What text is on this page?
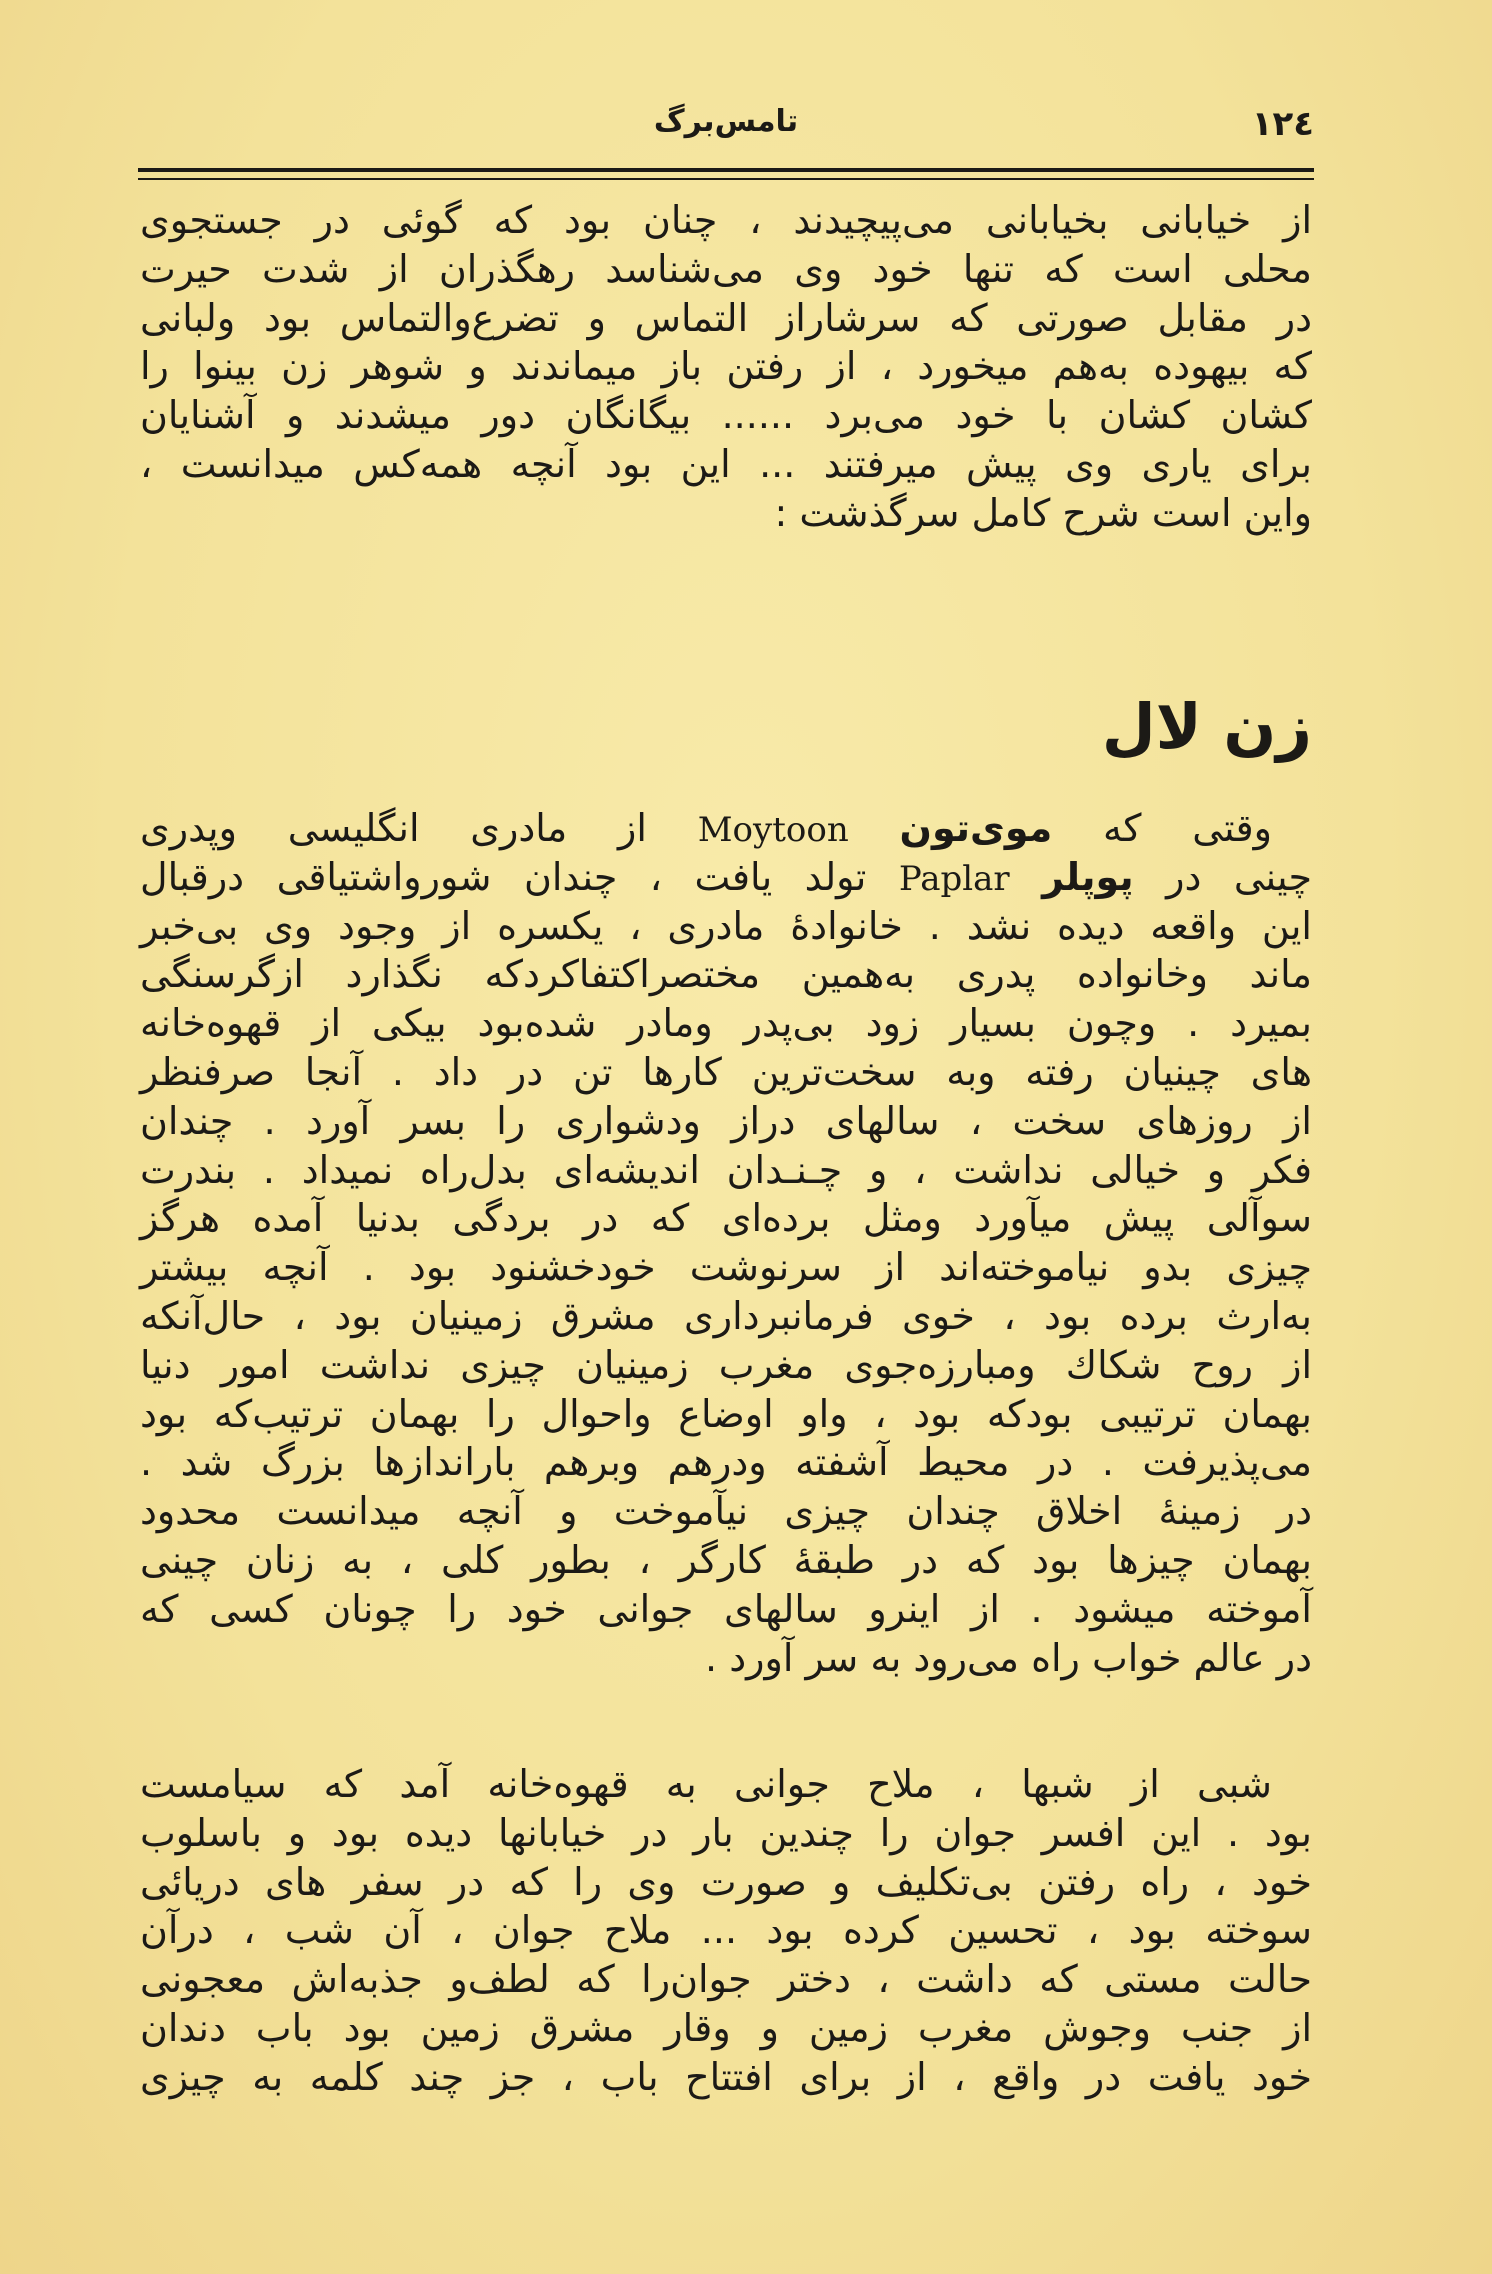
١٢٤
تامس‌برگ
از خیابانی بخیابانی می‌پیچیدند ، چنان بود که گوئی در جستجوی
محلی است که تنها خود وی می‌شناسد رهگذران از شدت حیرت
در مقابل صورتی که سرشاراز التماس و تضرع‌والتماس بود ولبانی
که بیهوده به‌هم میخورد ، از رفتن باز میماندند و شوهر زن بینوا را
کشان کشان با خود می‌برد ...... بیگانگان دور میشدند و آشنایان
برای یاری وی پیش میرفتند ... این بود آنچه همه‌کس میدانست ،
واین است شرح کامل سرگذشت :
زن لال
وقتی که موی‌تون Moytoon از مادری انگلیسی وپدری
چینی در پوپلر Paplar تولد یافت ، چندان شورواشتیاقی درقبال
این واقعه دیده نشد . خانوادهٔ مادری ، یکسره از وجود وی بی‌خبر
ماند وخانواده پدری به‌همین مختصراکتفاکردکه نگذارد ازگرسنگی
بمیرد . وچون بسیار زود بی‌پدر ومادر شده‌بود بیکی از قهوه‌خانه
های چینیان رفته وبه سخت‌ترین کارها تن در داد . آنجا صرفنظر
از روزهای سخت ، سالهای دراز ودشواری را بسر آورد . چندان
فکر و خیالی نداشت ، و چـنـدان اندیشه‌ای بدل‌راه نمیداد . بندرت
سوآلی پیش میآورد ومثل برده‌ای که در بردگی بدنیا آمده هرگز
چیزی بدو نیاموخته‌اند از سرنوشت خودخشنود بود . آنچه بیشتر
به‌ارث برده بود ، خوی فرمانبرداری مشرق زمینیان بود ، حال‌آنکه
از روح شکاك ومبارزه‌جوی مغرب زمینیان چیزی نداشت امور دنیا
بهمان ترتیبی بودکه بود ، واو اوضاع واحوال را بهمان ترتیب‌که بود
می‌پذیرفت . در محیط آشفته ودرهم وبرهم باراندازها بزرگ شد .
در زمینهٔ اخلاق چندان چیزی نیآموخت و آنچه میدانست محدود
بهمان چیزها بود که در طبقهٔ کارگر ، بطور کلی ، به زنان چینی
آموخته میشود . از اینرو سالهای جوانی خود را چونان کسی که
در عالم خواب راه می‌رود به سر آورد .
شبی از شبها ، ملاح جوانی به قهوه‌خانه آمد که سیامست
بود . این افسر جوان را چندین بار در خیابانها دیده بود و باسلوب
خود ، راه رفتن بی‌تکلیف و صورت وی را که در سفر های دریائی
سوخته بود ، تحسین کرده بود ... ملاح جوان ، آن شب ، درآن
حالت مستی که داشت ، دختر جوان‌را که لطف‌و جذبه‌اش معجونی
از جنب وجوش مغرب زمین و وقار مشرق زمین بود باب دندان
خود یافت در واقع ، از برای افتتاح باب ، جز چند کلمه به چیزی
